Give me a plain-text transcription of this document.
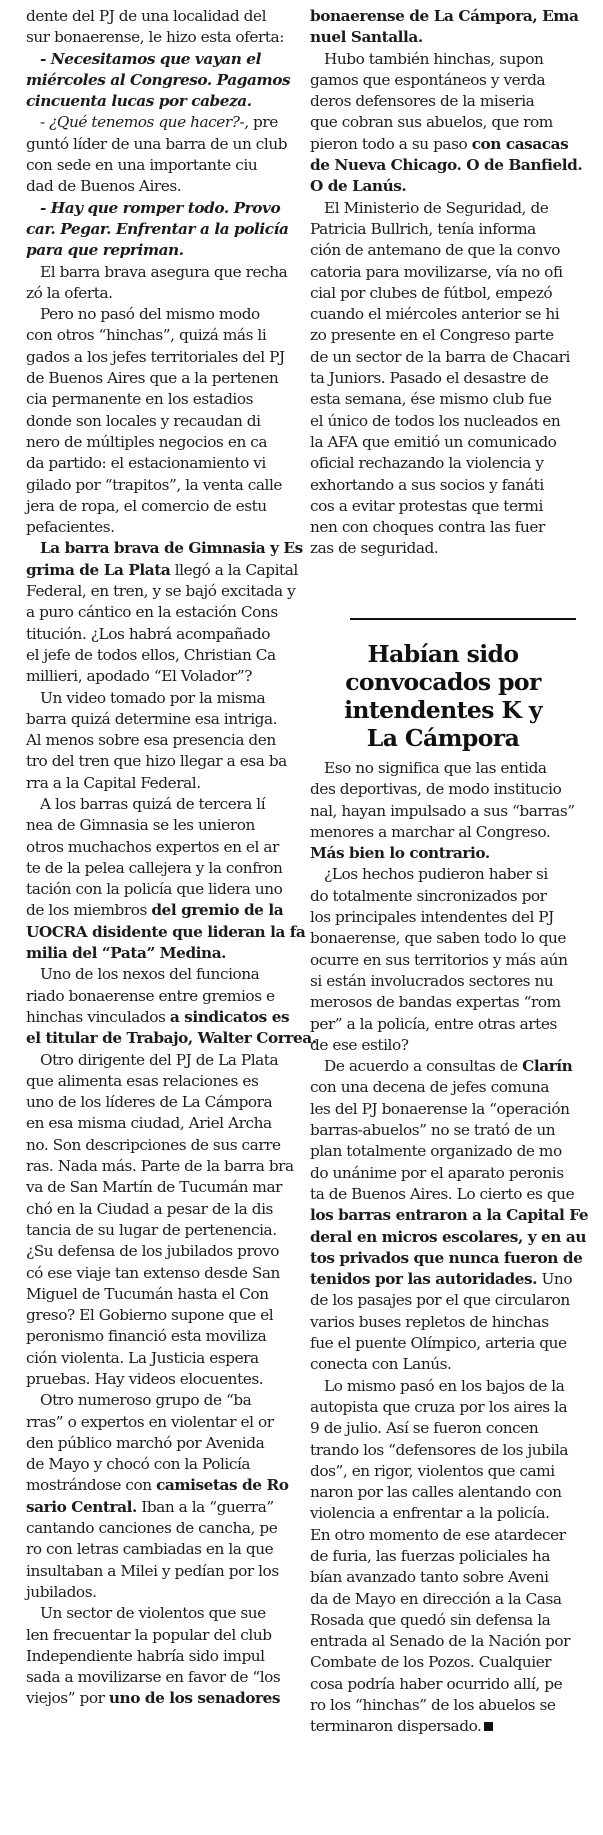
dente del PJ de una localidad del
sur bonaerense, le hizo esta oferta:
- Necesitamos que vayan el
miércoles al Congreso. Pagamos
cincuenta lucas por cabeza.
- ¿Qué tenemos que hacer?-, pre
guntó líder de una barra de un club
con sede en una importante ciu
dad de Buenos Aires.
- Hay que romper todo. Provo
car. Pegar. Enfrentar a la policía
para que repriman.
El barra brava asegura que recha
zó la oferta.
Pero no pasó del mismo modo
con otros “hinchas”, quizá más li
gados a los jefes territoriales del PJ
de Buenos Aires que a la pertenen
cia permanente en los estadios
donde son locales y recaudan di
nero de múltiples negocios en ca
da partido: el estacionamiento vi
gilado por “trapitos”, la venta calle
jera de ropa, el comercio de estu
pefacientes.
La barra brava de Gimnasia y Es
grima de La Plata llegó a la Capital
Federal, en tren, y se bajó excitada y
a puro cántico en la estación Cons
titución. ¿Los habrá acompañado
el jefe de todos ellos, Christian Ca
millieri, apodado “El Volador”?
Un video tomado por la misma
barra quizá determine esa intriga.
Al menos sobre esa presencia den
tro del tren que hizo llegar a esa ba
rra a la Capital Federal.
A los barras quizá de tercera lí
nea de Gimnasia se les unieron
otros muchachos expertos en el ar
te de la pelea callejera y la confron
tación con la policía que lidera uno
de los miembros del gremio de la
UOCRA disidente que lideran la fa
milia del “Pata” Medina.
Uno de los nexos del funciona
riado bonaerense entre gremios e
hinchas vinculados a sindicatos es
el titular de Trabajo, Walter Correa.
Otro dirigente del PJ de La Plata
que alimenta esas relaciones es
uno de los líderes de La Cámpora
en esa misma ciudad, Ariel Archa
no. Son descripciones de sus carre
ras. Nada más. Parte de la barra bra
va de San Martín de Tucumán mar
chó en la Ciudad a pesar de la dis
tancia de su lugar de pertenencia.
¿Su defensa de los jubilados provo
có ese viaje tan extenso desde San
Miguel de Tucumán hasta el Con
greso? El Gobierno supone que el
peronismo financió esta moviliza
ción violenta. La Justicia espera
pruebas. Hay videos elocuentes.
Otro numeroso grupo de “ba
rras” o expertos en violentar el or
den público marchó por Avenida
de Mayo y chocó con la Policía
mostrándose con camisetas de Ro
sario Central. Iban a la “guerra”
cantando canciones de cancha, pe
ro con letras cambiadas en la que
insultaban a Milei y pedían por los
jubilados.
Un sector de violentos que sue
len frecuentar la popular del club
Independiente habría sido impul
sada a movilizarse en favor de “los
viejos” por uno de los senadores
bonaerense de La Cámpora, Ema
nuel Santalla.
Hubo también hinchas, supon
gamos que espontáneos y verda
deros defensores de la miseria
que cobran sus abuelos, que rom
pieron todo a su paso con casacas
de Nueva Chicago. O de Banfield.
O de Lanús.
El Ministerio de Seguridad, de
Patricia Bullrich, tenía informa
ción de antemano de que la convo
catoria para movilizarse, vía no ofi
cial por clubes de fútbol, empezó
cuando el miércoles anterior se hi
zo presente en el Congreso parte
de un sector de la barra de Chacari
ta Juniors. Pasado el desastre de
esta semana, ése mismo club fue
el único de todos los nucleados en
la AFA que emitió un comunicado
oficial rechazando la violencia y
exhortando a sus socios y fanáti
cos a evitar protestas que termi
nen con choques contra las fuer
zas de seguridad.
Habían sido
convocados por
intendentes K y
La Cámpora
Eso no significa que las entida
des deportivas, de modo institucio
nal, hayan impulsado a sus “barras”
menores a marchar al Congreso.
Más bien lo contrario.
¿Los hechos pudieron haber si
do totalmente sincronizados por
los principales intendentes del PJ
bonaerense, que saben todo lo que
ocurre en sus territorios y más aún
si están involucrados sectores nu
merosos de bandas expertas “rom
per” a la policía, entre otras artes
de ese estilo?
De acuerdo a consultas de Clarín
con una decena de jefes comuna
les del PJ bonaerense la “operación
barras-abuelos” no se trató de un
plan totalmente organizado de mo
do unánime por el aparato peronis
ta de Buenos Aires. Lo cierto es que
los barras entraron a la Capital Fe
deral en micros escolares, y en au
tos privados que nunca fueron de
tenidos por las autoridades. Uno
de los pasajes por el que circularon
varios buses repletos de hinchas
fue el puente Olímpico, arteria que
conecta con Lanús.
Lo mismo pasó en los bajos de la
autopista que cruza por los aires la
9 de julio. Así se fueron concen
trando los “defensores de los jubila
dos”, en rigor, violentos que cami
naron por las calles alentando con
violencia a enfrentar a la policía.
En otro momento de ese atardecer
de furia, las fuerzas policiales ha
bían avanzado tanto sobre Aveni
da de Mayo en dirección a la Casa
Rosada que quedó sin defensa la
entrada al Senado de la Nación por
Combate de los Pozos. Cualquier
cosa podría haber ocurrido allí, pe
ro los “hinchas” de los abuelos se
terminaron dispersado.
